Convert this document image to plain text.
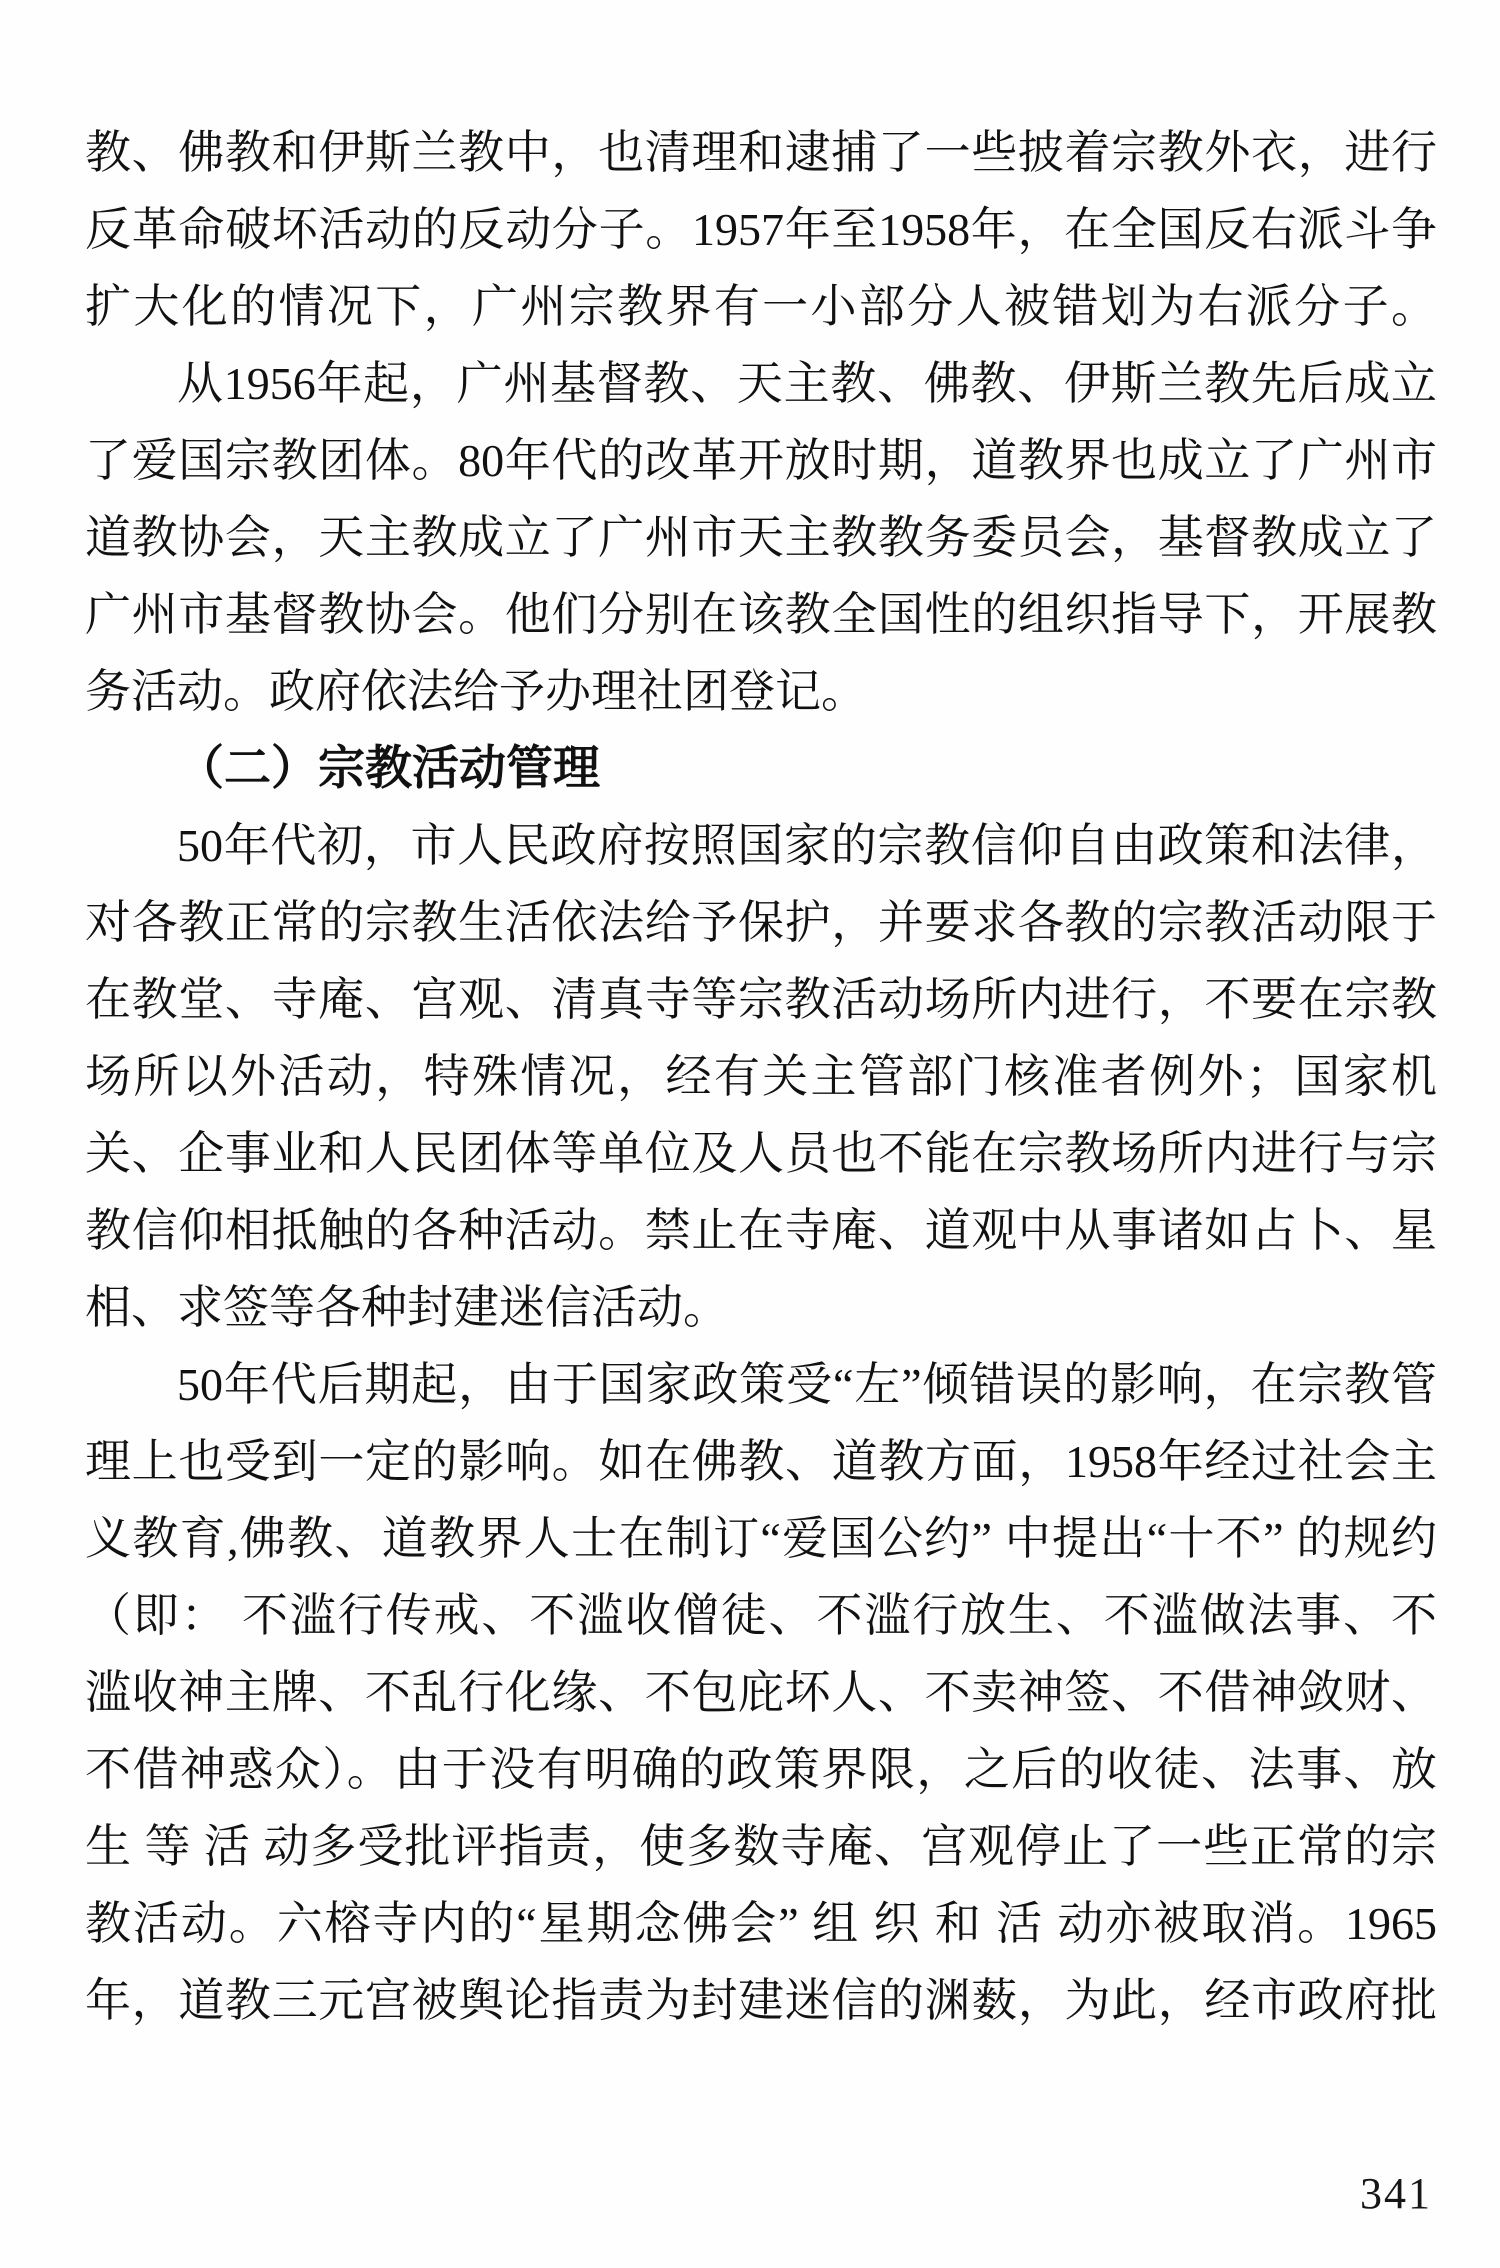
教、佛教和伊斯兰教中，也清理和逮捕了一些披着宗教外衣，进行
反革命破坏活动的反动分子。1957年至1958年，在全国反右派斗争
扩大化的情况下，广州宗教界有一小部分人被错划为右派分子。
从1956年起，广州基督教、天主教、佛教、伊斯兰教先后成立
了爱国宗教团体。80年代的改革开放时期，道教界也成立了广州市
道教协会，天主教成立了广州市天主教教务委员会，基督教成立了
广州市基督教协会。他们分别在该教全国性的组织指导下，开展教
务活动。政府依法给予办理社团登记。
（二）宗教活动管理
50年代初，市人民政府按照国家的宗教信仰自由政策和法律，
对各教正常的宗教生活依法给予保护，并要求各教的宗教活动限于
在教堂、寺庵、宫观、清真寺等宗教活动场所内进行，不要在宗教
场所以外活动，特殊情况，经有关主管部门核准者例外；国家机
关、企事业和人民团体等单位及人员也不能在宗教场所内进行与宗
教信仰相抵触的各种活动。禁止在寺庵、道观中从事诸如占卜、星
相、求签等各种封建迷信活动。
50年代后期起，由于国家政策受“左”倾错误的影响，在宗教管
理上也受到一定的影响。如在佛教、道教方面，1958年经过社会主
义教育,佛教、道教界人士在制订“爱国公约” 中提出“十不” 的规约
（即： 不滥行传戒、不滥收僧徒、不滥行放生、不滥做法事、不
滥收神主牌、不乱行化缘、不包庇坏人、不卖神签、不借神敛财、
不借神惑众）。由于没有明确的政策界限，之后的收徒、法事、放
生 等 活 动多受批评指责，使多数寺庵、宫观停止了一些正常的宗
教活动。六榕寺内的“星期念佛会” 组 织 和 活 动亦被取消。1965
年，道教三元宫被舆论指责为封建迷信的渊薮，为此，经市政府批
341
